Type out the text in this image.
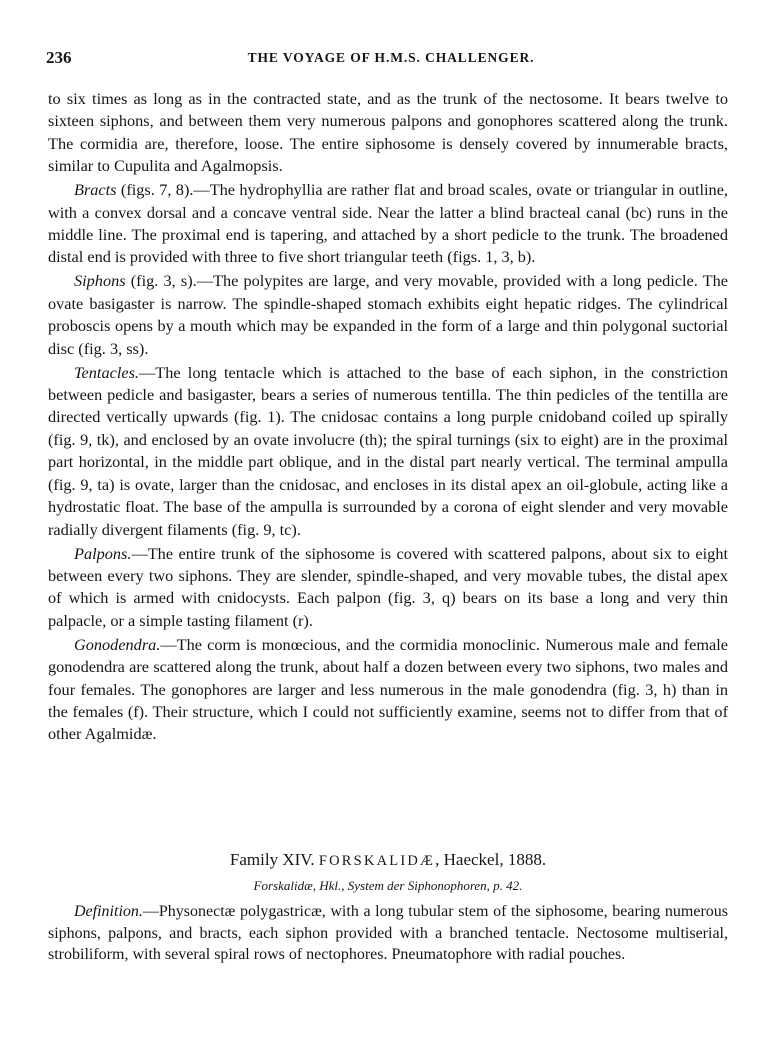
236	THE VOYAGE OF H.M.S. CHALLENGER.

to six times as long as in the contracted state, and as the trunk of the nectosome. It bears twelve to sixteen siphons, and between them very numerous palpons and gonophores scattered along the trunk. The cormidia are, therefore, loose. The entire siphosome is densely covered by innumerable bracts, similar to Cupulita and Agalmopsis.

Bracts (figs. 7, 8).—The hydrophyllia are rather flat and broad scales, ovate or triangular in outline, with a convex dorsal and a concave ventral side. Near the latter a blind bracteal canal (bc) runs in the middle line. The proximal end is tapering, and attached by a short pedicle to the trunk. The broadened distal end is provided with three to five short triangular teeth (figs. 1, 3, b).

Siphons (fig. 3, s).—The polypites are large, and very movable, provided with a long pedicle. The ovate basigaster is narrow. The spindle-shaped stomach exhibits eight hepatic ridges. The cylindrical proboscis opens by a mouth which may be expanded in the form of a large and thin polygonal suctorial disc (fig. 3, ss).

Tentacles.—The long tentacle which is attached to the base of each siphon, in the constriction between pedicle and basigaster, bears a series of numerous tentilla. The thin pedicles of the tentilla are directed vertically upwards (fig. 1). The cnidosac contains a long purple cnidoband coiled up spirally (fig. 9, tk), and enclosed by an ovate involucre (th); the spiral turnings (six to eight) are in the proximal part horizontal, in the middle part oblique, and in the distal part nearly vertical. The terminal ampulla (fig. 9, ta) is ovate, larger than the cnidosac, and encloses in its distal apex an oil-globule, acting like a hydrostatic float. The base of the ampulla is surrounded by a corona of eight slender and very movable radially divergent filaments (fig. 9, tc).

Palpons.—The entire trunk of the siphosome is covered with scattered palpons, about six to eight between every two siphons. They are slender, spindle-shaped, and very movable tubes, the distal apex of which is armed with cnidocysts. Each palpon (fig. 3, q) bears on its base a long and very thin palpacle, or a simple tasting filament (r).

Gonodendra.—The corm is monœcious, and the cormidia monoclinic. Numerous male and female gonodendra are scattered along the trunk, about half a dozen between every two siphons, two males and four females. The gonophores are larger and less numerous in the male gonodendra (fig. 3, h) than in the females (f). Their structure, which I could not sufficiently examine, seems not to differ from that of other Agalmidæ.

Family XIV. FORSKALIDÆ, Haeckel, 1888.
Forskalidæ, Hkl., System der Siphonophoren, p. 42.

Definition.—Physonectæ polygastricæ, with a long tubular stem of the siphosome, bearing numerous siphons, palpons, and bracts, each siphon provided with a branched tentacle. Nectosome multiserial, strobiliform, with several spiral rows of nectophores. Pneumatophore with radial pouches.
